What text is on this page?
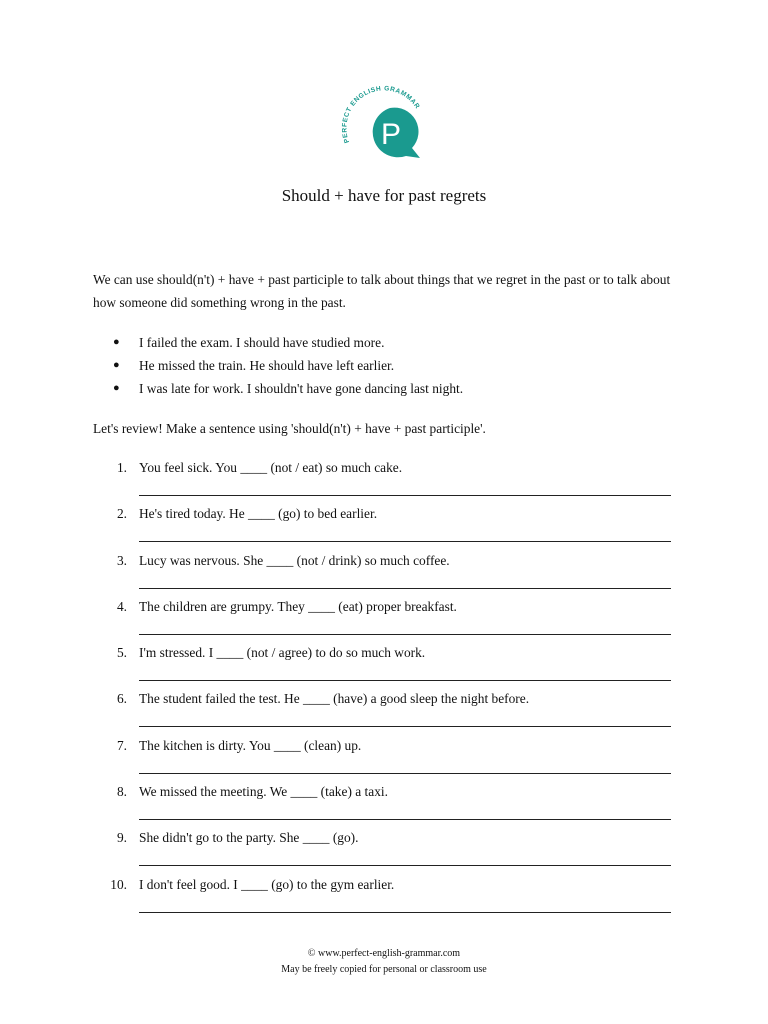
PERFECT ENGLISH GRAMMAR
P
Should + have for past regrets
We can use should(n't) + have + past participle to talk about things that we regret in the past or to talk about how someone did something wrong in the past.
● I failed the exam. I should have studied more.
● He missed the train. He should have left earlier.
● I was late for work. I shouldn't have gone dancing last night.
Let's review! Make a sentence using 'should(n't) + have + past participle'.
1. You feel sick. You ____ (not / eat) so much cake.
2. He's tired today. He ____ (go) to bed earlier.
3. Lucy was nervous. She ____ (not / drink) so much coffee.
4. The children are grumpy. They ____ (eat) proper breakfast.
5. I'm stressed. I ____ (not / agree) to do so much work.
6. The student failed the test. He ____ (have) a good sleep the night before.
7. The kitchen is dirty. You ____ (clean) up.
8. We missed the meeting. We ____ (take) a taxi.
9. She didn't go to the party. She ____ (go).
10. I don't feel good. I ____ (go) to the gym earlier.
© www.perfect-english-grammar.com
May be freely copied for personal or classroom use
